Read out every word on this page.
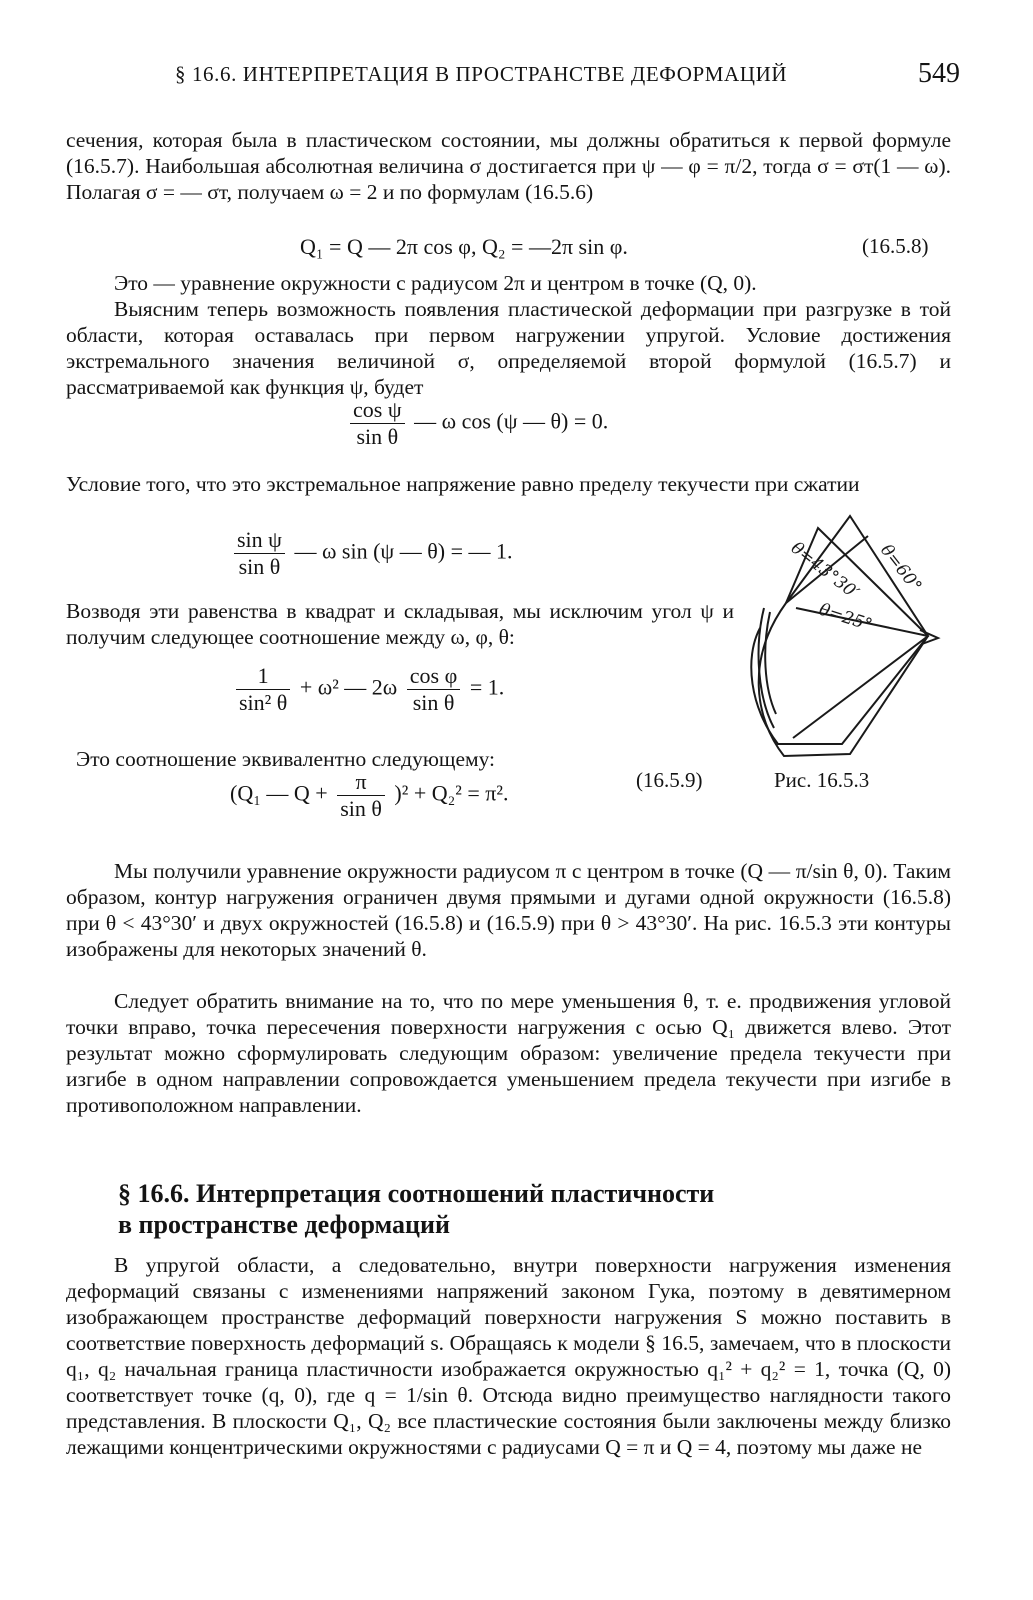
§ 16.6. ИНТЕРПРЕТАЦИЯ В ПРОСТРАНСТВЕ ДЕФОРМАЦИЙ	549

сечения, которая была в пластическом состоянии, мы должны обратиться к первой формуле (16.5.7). Наибольшая абсолютная величина σ достигается при ψ — φ = π/2, тогда σ = σт(1 — ω). Полагая σ = — σт, получаем ω = 2 и по формулам (16.5.6)

Q₁ = Q — 2π cos φ, Q₂ = —2π sin φ.	(16.5.8)

Это — уравнение окружности с радиусом 2π и центром в точке (Q, 0).

Выясним теперь возможность появления пластической деформации при разгрузке в той области, которая оставалась при первом нагружении упругой. Условие достижения экстремального значения величиной σ, определяемой второй формулой (16.5.7) и рассматриваемой как функция ψ, будет

$\frac{\text{cos ψ}}{\text{sin θ}}$ — ω cos (ψ — θ) = 0.

Условие того, что это экстремальное напряжение равно пределу текучести при сжатии

$\frac{\text{sin ψ}}{\text{sin θ}}$ — ω sin (ψ — θ) = — 1.

Возводя эти равенства в квадрат и складывая, мы исключим угол ψ и получим следующее соотношение между ω, φ, θ:

$\frac{1}{\text{sin² θ}} + \omega^2$ — $2\omega \frac{\text{cos φ}}{\text{sin θ}} = 1$.

Это соотношение эквивалентно следующему:

(Q₁ — $Q + \frac{\pi}{\text{sin θ}} )^2 + Q_2^2 = \pi^2$.
(16.5.9)
θ=43°30′ θ=60°
θ=25°
Рис. 16.5.3

Мы получили уравнение окружности радиусом π с центром в точке (Q — π/sin θ, 0). Таким образом, контур нагружения ограничен двумя прямыми и дугами одной окружности (16.5.8) при θ < 43°30′ и двух окружностей (16.5.8) и (16.5.9) при θ > 43°30′. На рис. 16.5.3 эти контуры изображены для некоторых значений θ.

Следует обратить внимание на то, что по мере уменьшения θ, т. е. продвижения угловой точки вправо, точка пересечения поверхности нагружения с осью Q₁ движется влево. Этот результат можно сформулировать следующим образом: увеличение предела текучести при изгибе в одном направлении сопровождается уменьшением предела текучести при изгибе в противоположном направлении.

§ 16.6. Интерпретация соотношений пластичности
в пространстве деформаций

В упругой области, а следовательно, внутри поверхности нагружения изменения деформаций связаны с изменениями напряжений законом Гука, поэтому в девятимерном изображающем пространстве деформаций поверхности нагружения S можно поставить в соответствие поверхность деформаций s. Обращаясь к модели § 16.5, замечаем, что в плоскости q₁, q₂ начальная граница пластичности изображается окружностью q₁² + q₂² = 1, точка (Q, 0) соответствует точке (q, 0), где q = 1/sin θ. Отсюда видно преимущество наглядности такого представления. В плоскости Q₁, Q₂ все пластические состояния были заключены между близко лежащими концентрическими окружностями с радиусами Q = π и Q = 4, поэтому мы даже не
